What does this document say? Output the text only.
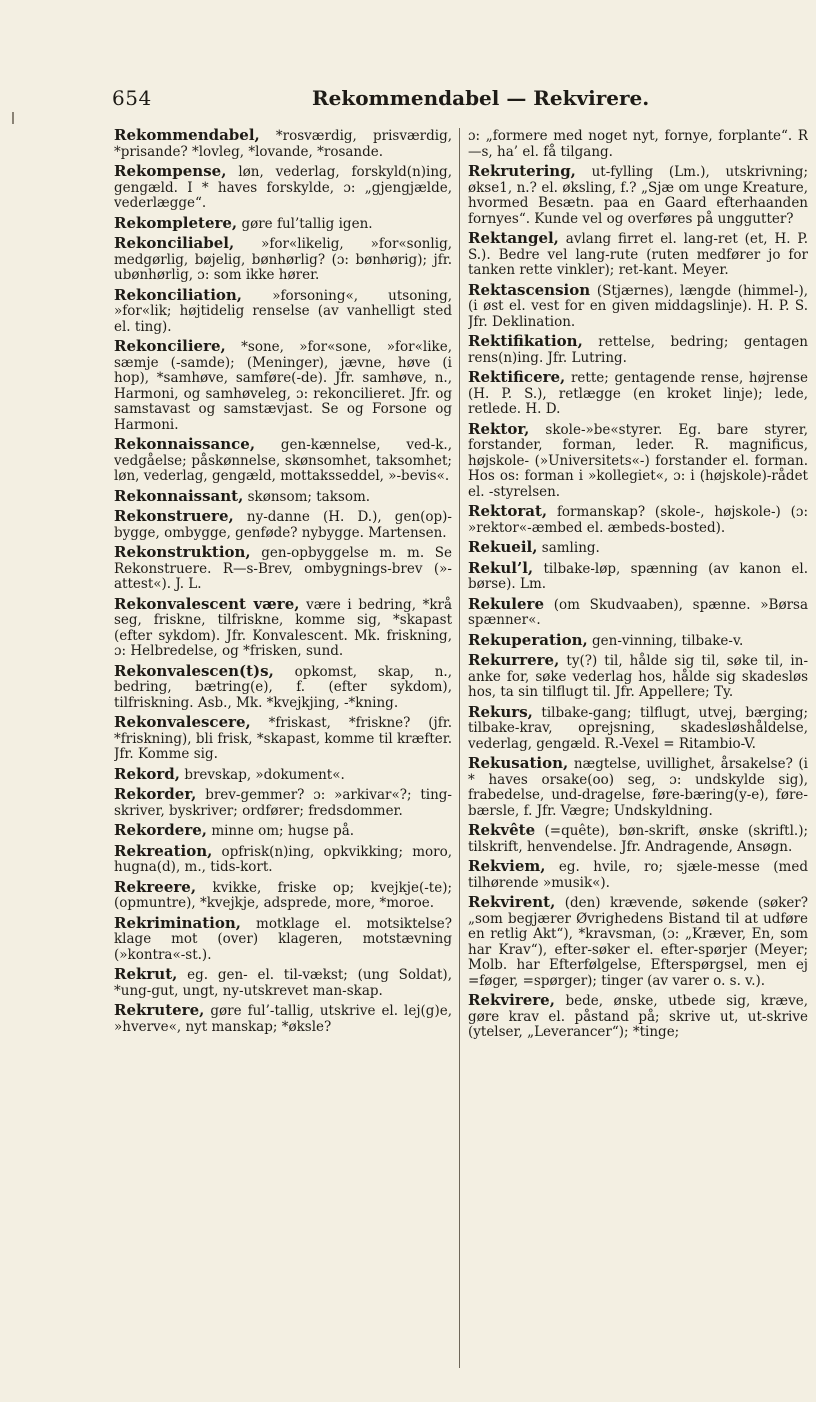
654	Rekommendabel — Rekvirere.
Rekommendabel, *rosværdig, prisværdig, *prisande? *lovleg, *lovande, *rosande.
Rekompense, løn, vederlag, forskyld(n)ing, gengæld. I * haves forskylde, ɔ: „gjengjælde, vederlægge“.
Rekompletere, gøre ful’tallig igen.
Rekonciliabel, »for«likelig, »for«sonlig, medgørlig, bøjelig, bønhørlig? (ɔ: bønhørig); jfr. ubønhørlig, ɔ: som ikke hører.
Rekonciliation, »forsoning«, utsoning, »for«lik; højtidelig renselse (av vanhelligt sted el. ting).
Rekonciliere, *sone, »for«sone, »for«like, sæmje (-samde); (Meninger), jævne, høve (i hop), *samhøve, samføre(-de). Jfr. samhøve, n., Harmoni, og samhøveleg, ɔ: rekoncilieret. Jfr. og samstavast og samstævjast. Se og Forsone og Harmoni.
Rekonnaissance, gen-kænnelse, ved-k., vedgåelse; påskønnelse, skønsomhet, taksomhet; løn, vederlag, gengæld, mottaksseddel, »-bevis«.
Rekonnaissant, skønsom; taksom.
Rekonstruere, ny-danne (H. D.), gen(op)-bygge, ombygge, genføde? nybygge. Martensen.
Rekonstruktion, gen-opbyggelse m. m. Se Rekonstruere. R—s-Brev, ombygnings-brev (»-attest«). J. L.
Rekonvalescent være, være i bedring, *krå seg, friskne, tilfriskne, komme sig, *skapast (efter sykdom). Jfr. Konvalescent. Mk. friskning, ɔ: Helbredelse, og *frisken, sund.
Rekonvalescen(t)s, opkomst, skap, n., bedring, bætring(e), f. (efter sykdom), tilfriskning. Asb., Mk. *kvejkjing, -*kning.
Rekonvalescere, *friskast, *friskne? (jfr. *friskning), bli frisk, *skapast, komme til kræfter. Jfr. Komme sig.
Rekord, brevskap, »dokument«.
Rekorder, brev-gemmer? ɔ: »arkivar«?; ting-skriver, byskriver; ordfører; fredsdommer.
Rekordere, minne om; hugse på.
Rekreation, opfrisk(n)ing, opkvikking; moro, hugna(d), m., tids-kort.
Rekreere, kvikke, friske op; kvejkje(-te); (opmuntre), *kvejkje, adsprede, more, *moroe.
Rekrimination, motklage el. motsiktelse? klage mot (over) klageren, motstævning (»kontra«-st.).
Rekrut, eg. gen- el. til-vækst; (ung Soldat), *ung-gut, ungt, ny-utskrevet man-skap.
Rekrutere, gøre ful’-tallig, utskrive el. lej(g)e, »hverve«, nyt manskap; *økslе?
ɔ: „formere med noget nyt, fornye, forplante“. R—s, ha’ el. få tilgang.
Rekrutering, ut-fylling (Lm.), utskrivning; økse1, n.? el. øksling, f.? „Sjæ om unge Kreature, hvormed Besætn. paa en Gaard efterhaanden fornyes“. Kunde vel og overføres på unggutter?
Rektangel, avlang firret el. lang-ret (et, H. P. S.). Bedre vel lang-rute (ruten medfører jo for tanken rette vinkler); ret-kant. Meyer.
Rektascension (Stjærnes), længde (himmel-), (i øst el. vest for en given middagslinje). H. P. S. Jfr. Deklination.
Rektifikation, rettelse, bedring; gentagen rens(n)ing. Jfr. Lutring.
Rektificere, rette; gentagende rense, højrense (H. P. S.), retlægge (en kroket linje); lede, retlede. H. D.
Rektor, skole-»be«styrer. Eg. bare styrer, forstander, forman, leder. R. magnificus, højskole- (»Universitets«-) forstander el. forman. Hos os: forman i »kollegiet«, ɔ: i (højskole)-rådet el. -styrelsen.
Rektorat, formanskap? (skole-, højskole-) (ɔ: »rektor«-æmbed el. æmbeds-bosted).
Rekueil, samling.
Rekul’l, tilbake-løp, spænning (av kanon el. børse). Lm.
Rekulere (om Skudvaaben), spænne. »Børsa spænner«.
Rekuperation, gen-vinning, tilbake-v.
Rekurrere, ty(?) til, hålde sig til, søke til, in-anke for, søke vederlag hos, hålde sig skadesløs hos, ta sin tilflugt til. Jfr. Appellere; Ty.
Rekurs, tilbake-gang; tilflugt, utvej, bærging; tilbake-krav, oprejsning, skadesløshåldelse, vederlag, gengæld. R.-Vexel = Ritambio-V.
Rekusation, nægtelse, uvillighet, årsakelse? (i * haves orsake(oo) seg, ɔ: undskylde sig), frabedelse, und-dragelse, føre-bæring(y-e), føre-bærsle, f. Jfr. Vægre; Undskyldning.
Rekvête (=quête), bøn-skrift, ønske (skriftl.); tilskrift, henvendelse. Jfr. Andragende, Ansøgn.
Rekviem, eg. hvile, ro; sjæle-messe (med tilhørende »musik«).
Rekvirent, (den) krævende, søkende (søker? „som begjærer Øvrighedens Bistand til at udføre en retlig Akt“), *kravsman, (ɔ: „Kræver, En, som har Krav“), efter-søker el. efter-spørjer (Meyer; Molb. har Efterfølgelse, Efterspørgsel, men ej =føger, =spørger); tinger (av varer o. s. v.).
Rekvirere, bede, ønske, utbede sig, kræve, gøre krav el. påstand på; skrive ut, ut-skrive (ytelser, „Leverancer“); *tinge;
